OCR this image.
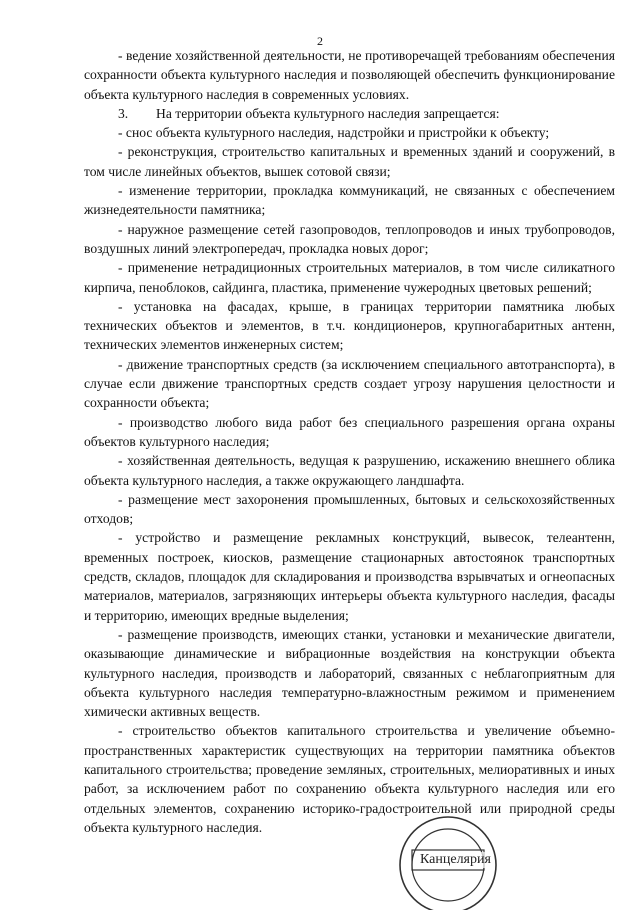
2

- ведение хозяйственной деятельности, не противоречащей требованиям обеспечения сохранности объекта культурного наследия и позволяющей обеспечить функционирование объекта культурного наследия в современных условиях.

3. На территории объекта культурного наследия запрещается:

- снос объекта культурного наследия, надстройки и пристройки к объекту;

- реконструкция, строительство капитальных и временных зданий и сооружений, в том числе линейных объектов, вышек сотовой связи;

- изменение территории, прокладка коммуникаций, не связанных с обеспечением жизнедеятельности памятника;

- наружное размещение сетей газопроводов, теплопроводов и иных трубопроводов, воздушных линий электропередач, прокладка новых дорог;

- применение нетрадиционных строительных материалов, в том числе силикатного кирпича, пеноблоков, сайдинга, пластика, применение чужеродных цветовых решений;

- установка на фасадах, крыше, в границах территории памятника любых технических объектов и элементов, в т.ч. кондиционеров, крупногабаритных антенн, технических элементов инженерных систем;

- движение транспортных средств (за исключением специального автотранспорта), в случае если движение транспортных средств создает угрозу нарушения целостности и сохранности объекта;

- производство любого вида работ без специального разрешения органа охраны объектов культурного наследия;

- хозяйственная деятельность, ведущая к разрушению, искажению внешнего облика объекта культурного наследия, а также окружающего ландшафта.

- размещение мест захоронения промышленных, бытовых и сельскохозяйственных отходов;

- устройство и размещение рекламных конструкций, вывесок, телеантенн, временных построек, киосков, размещение стационарных автостоянок транспортных средств, складов, площадок для складирования и производства взрывчатых и огнеопасных материалов, материалов, загрязняющих интерьеры объекта культурного наследия, фасады и территорию, имеющих вредные выделения;

- размещение производств, имеющих станки, установки и механические двигатели, оказывающие динамические и вибрационные воздействия на конструкции объекта культурного наследия, производств и лабораторий, связанных с неблагоприятным для объекта культурного наследия температурно-влажностным режимом и применением химически активных веществ.

- строительство объектов капитального строительства и увеличение объемно-пространственных характеристик существующих на территории памятника объектов капитального строительства; проведение земляных, строительных, мелиоративных и иных работ, за исключением работ по сохранению объекта культурного наследия или его отдельных элементов, сохранению историко-градостроительной или природной среды объекта культурного наследия.

Канцелярия
